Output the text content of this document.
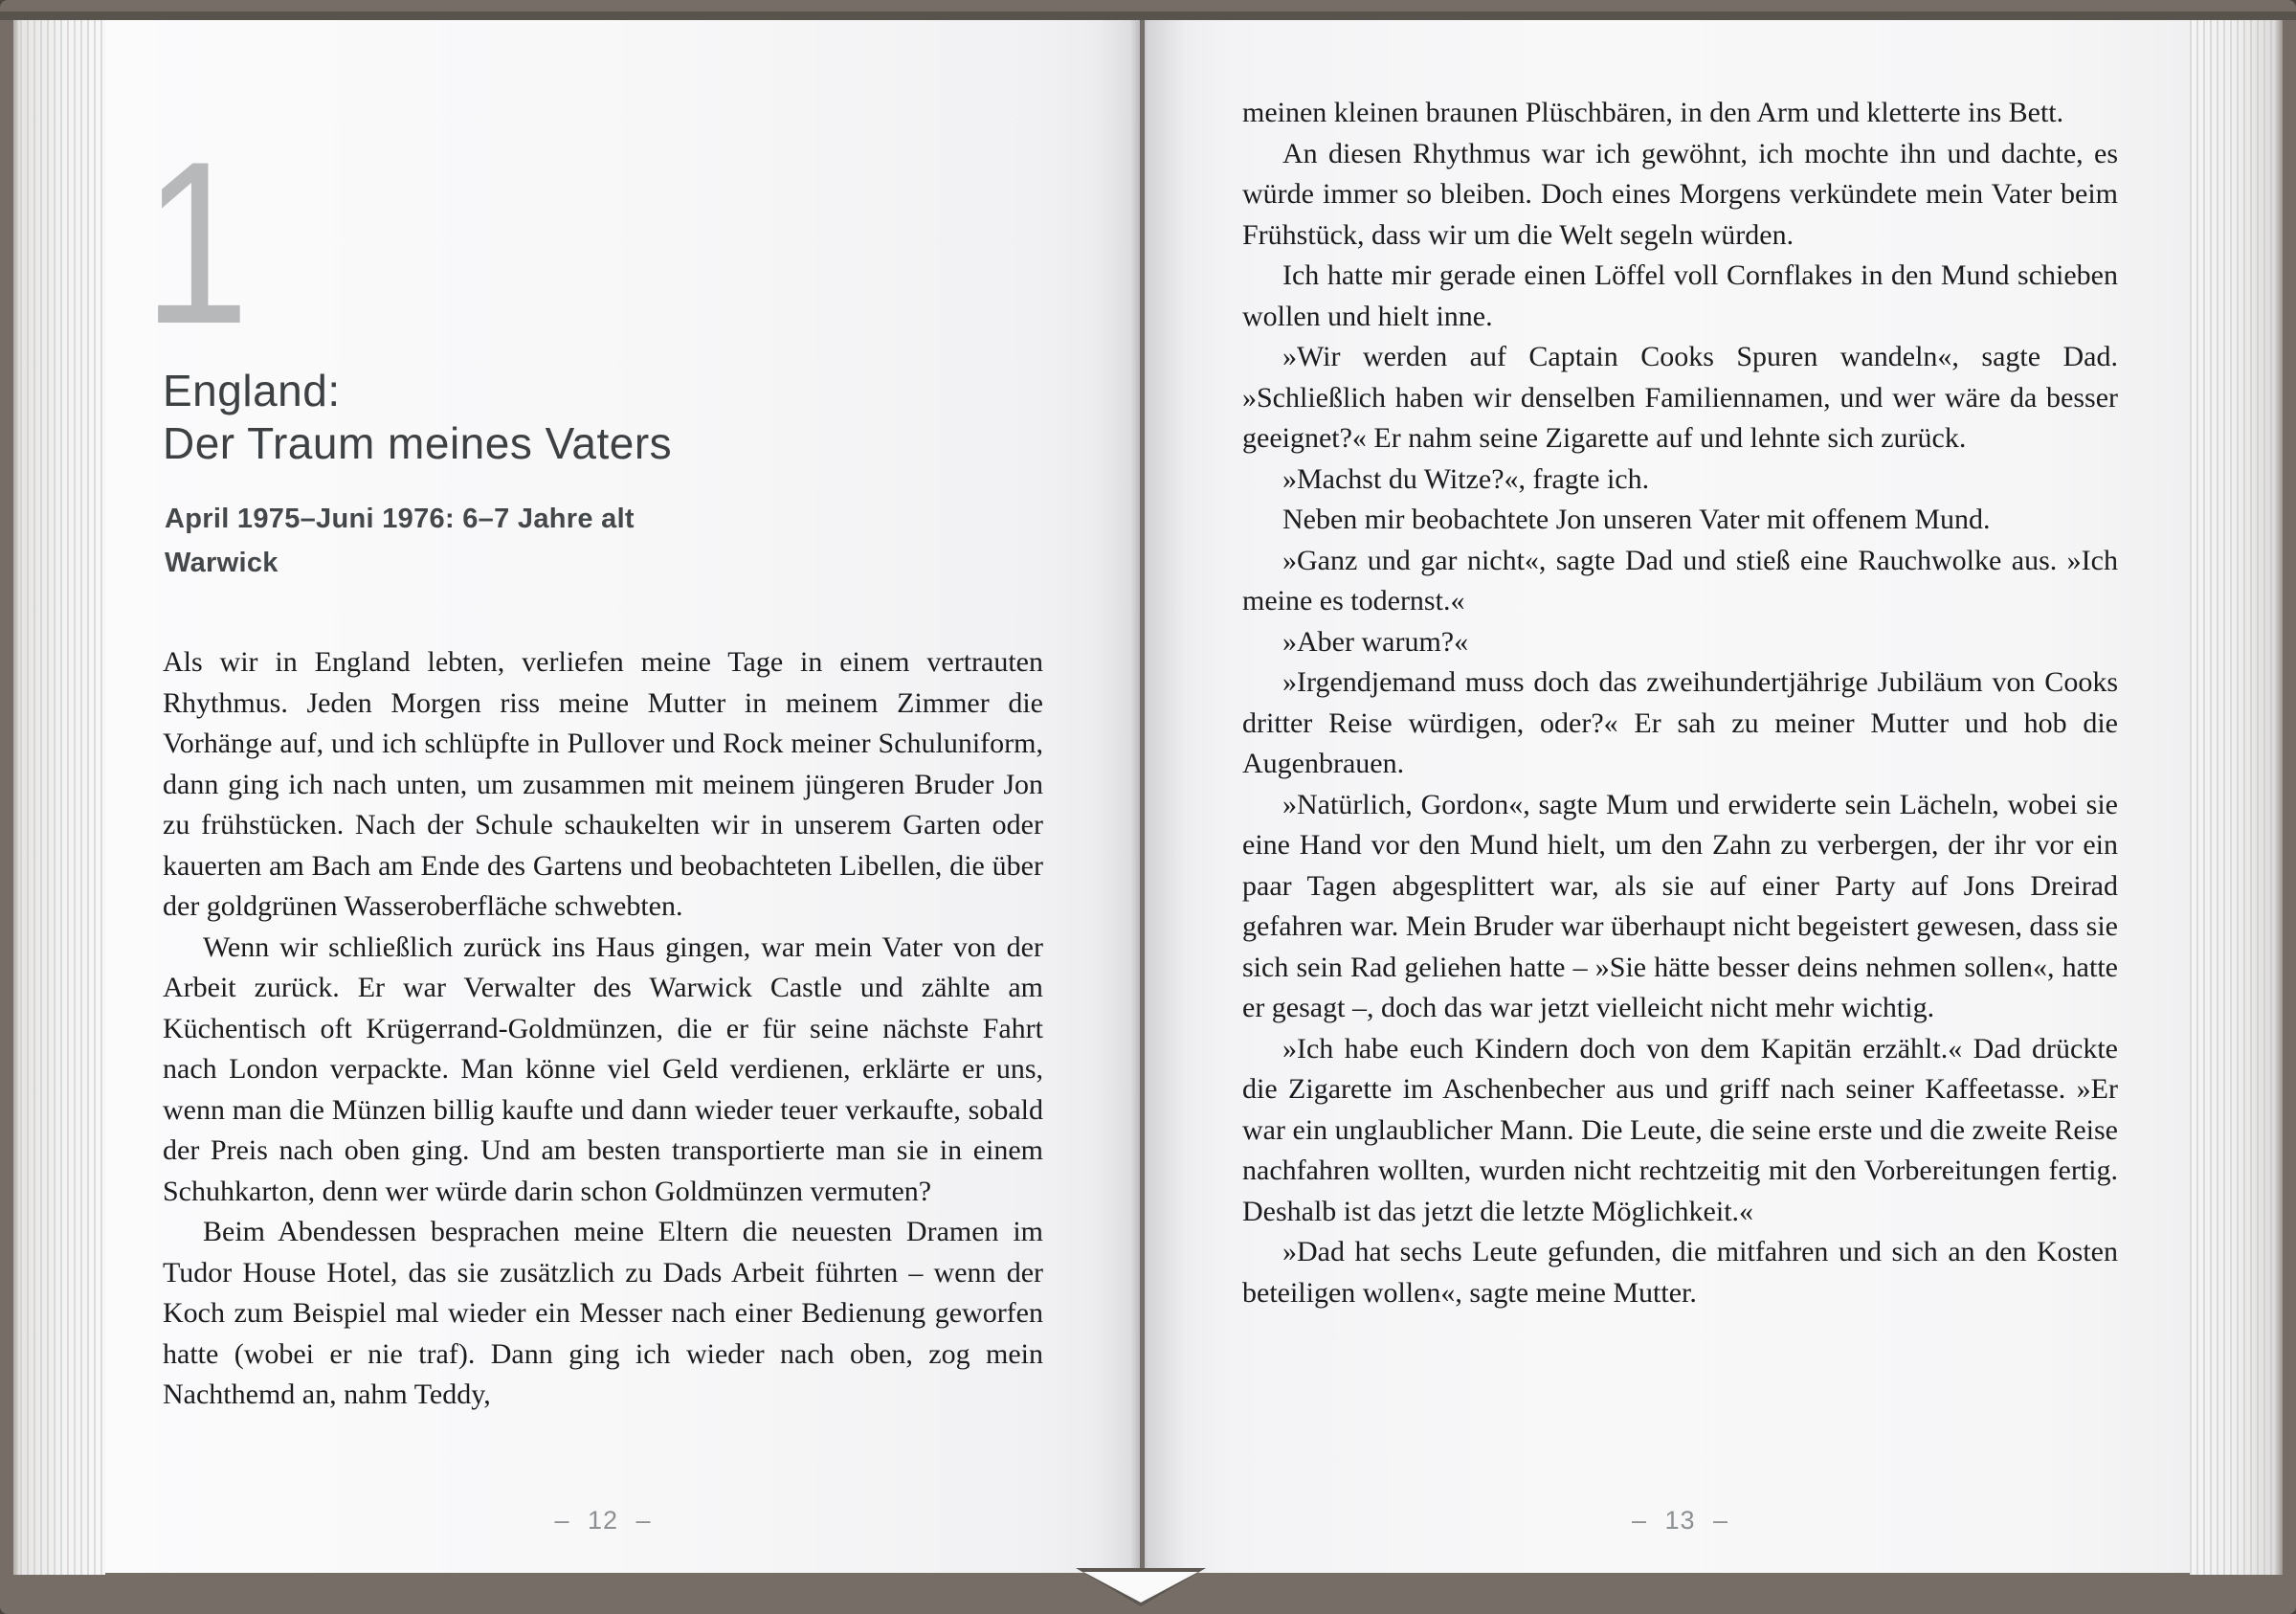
1
England:
Der Traum meines Vaters
April 1975–Juni 1976: 6–7 Jahre alt
Warwick

Als wir in England lebten, verliefen meine Tage in einem vertrauten Rhythmus. Jeden Morgen riss meine Mutter in meinem Zimmer die Vorhänge auf, und ich schlüpfte in Pullover und Rock meiner Schuluniform, dann ging ich nach unten, um zusammen mit meinem jüngeren Bruder Jon zu frühstücken. Nach der Schule schaukelten wir in unserem Garten oder kauerten am Bach am Ende des Gartens und beobachteten Libellen, die über der goldgrünen Wasseroberfläche schwebten.

Wenn wir schließlich zurück ins Haus gingen, war mein Vater von der Arbeit zurück. Er war Verwalter des Warwick Castle und zählte am Küchentisch oft Krügerrand-Goldmünzen, die er für seine nächste Fahrt nach London verpackte. Man könne viel Geld verdienen, erklärte er uns, wenn man die Münzen billig kaufte und dann wieder teuer verkaufte, sobald der Preis nach oben ging. Und am besten transportierte man sie in einem Schuhkarton, denn wer würde darin schon Goldmünzen vermuten?

Beim Abendessen besprachen meine Eltern die neuesten Dramen im Tudor House Hotel, das sie zusätzlich zu Dads Arbeit führten – wenn der Koch zum Beispiel mal wieder ein Messer nach einer Bedienung geworfen hatte (wobei er nie traf). Dann ging ich wieder nach oben, zog mein Nachthemd an, nahm Teddy,

– 12 –

meinen kleinen braunen Plüschbären, in den Arm und kletterte ins Bett.

An diesen Rhythmus war ich gewöhnt, ich mochte ihn und dachte, es würde immer so bleiben. Doch eines Morgens verkündete mein Vater beim Frühstück, dass wir um die Welt segeln würden.

Ich hatte mir gerade einen Löffel voll Cornflakes in den Mund schieben wollen und hielt inne.

»Wir werden auf Captain Cooks Spuren wandeln«, sagte Dad. »Schließlich haben wir denselben Familiennamen, und wer wäre da besser geeignet?« Er nahm seine Zigarette auf und lehnte sich zurück.

»Machst du Witze?«, fragte ich.

Neben mir beobachtete Jon unseren Vater mit offenem Mund.

»Ganz und gar nicht«, sagte Dad und stieß eine Rauchwolke aus. »Ich meine es todernst.«

»Aber warum?«

»Irgendjemand muss doch das zweihundertjährige Jubiläum von Cooks dritter Reise würdigen, oder?« Er sah zu meiner Mutter und hob die Augenbrauen.

»Natürlich, Gordon«, sagte Mum und erwiderte sein Lächeln, wobei sie eine Hand vor den Mund hielt, um den Zahn zu verbergen, der ihr vor ein paar Tagen abgesplittert war, als sie auf einer Party auf Jons Dreirad gefahren war. Mein Bruder war überhaupt nicht begeistert gewesen, dass sie sich sein Rad geliehen hatte – »Sie hätte besser deins nehmen sollen«, hatte er gesagt –, doch das war jetzt vielleicht nicht mehr wichtig.

»Ich habe euch Kindern doch von dem Kapitän erzählt.« Dad drückte die Zigarette im Aschenbecher aus und griff nach seiner Kaffeetasse. »Er war ein unglaublicher Mann. Die Leute, die seine erste und die zweite Reise nachfahren wollten, wurden nicht rechtzeitig mit den Vorbereitungen fertig. Deshalb ist das jetzt die letzte Möglichkeit.«

»Dad hat sechs Leute gefunden, die mitfahren und sich an den Kosten beteiligen wollen«, sagte meine Mutter.

– 13 –
